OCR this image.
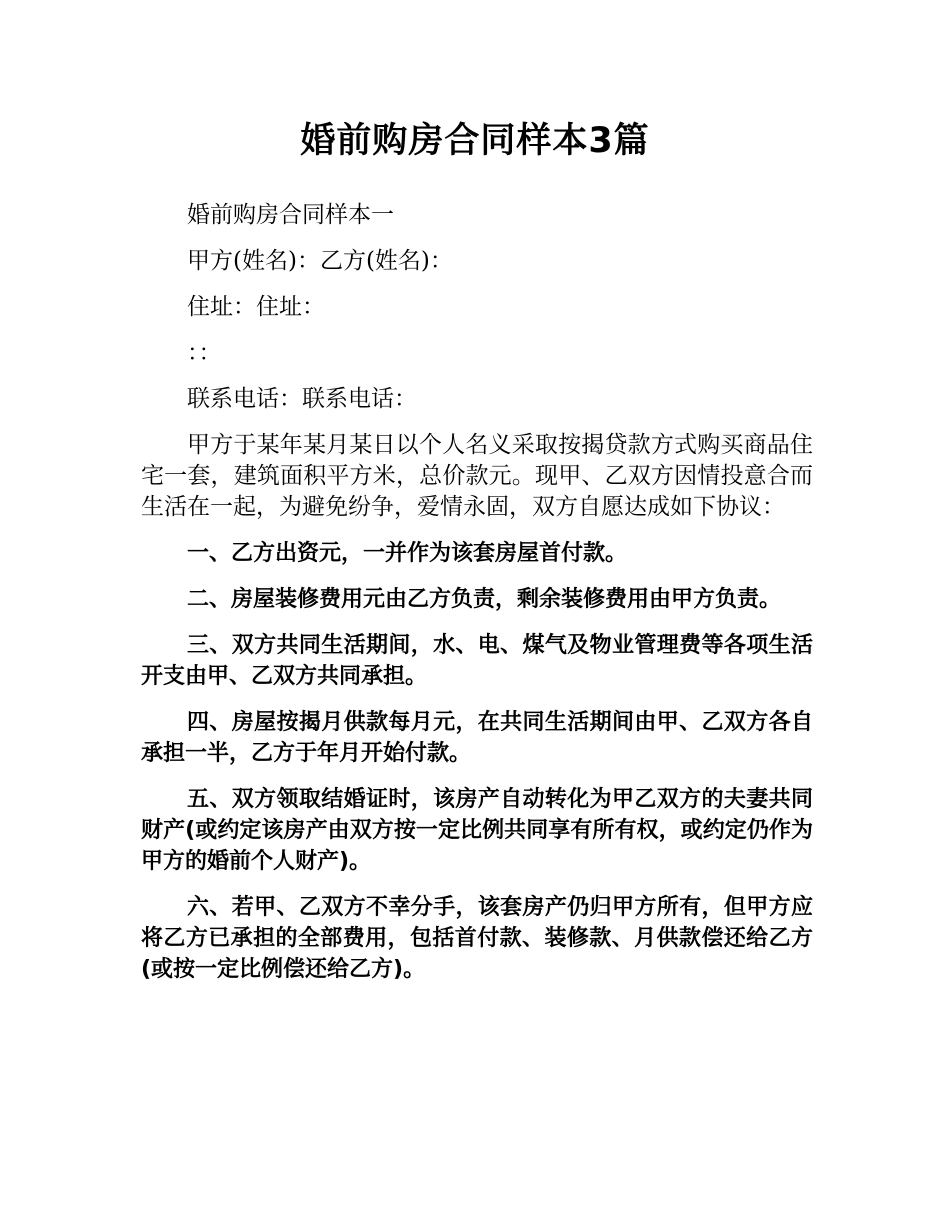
婚前购房合同样本3篇

婚前购房合同样本一

甲方(姓名)：乙方(姓名)：

住址：住址：

：：

联系电话：联系电话：

甲方于某年某月某日以个人名义采取按揭贷款方式购买商品住宅一套，建筑面积平方米，总价款元。现甲、乙双方因情投意合而生活在一起，为避免纷争，爱情永固，双方自愿达成如下协议：

一、乙方出资元，一并作为该套房屋首付款。

二、房屋装修费用元由乙方负责，剩余装修费用由甲方负责。

三、双方共同生活期间，水、电、煤气及物业管理费等各项生活开支由甲、乙双方共同承担。

四、房屋按揭月供款每月元，在共同生活期间由甲、乙双方各自承担一半，乙方于年月开始付款。

五、双方领取结婚证时，该房产自动转化为甲乙双方的夫妻共同财产(或约定该房产由双方按一定比例共同享有所有权，或约定仍作为甲方的婚前个人财产)。

六、若甲、乙双方不幸分手，该套房产仍归甲方所有，但甲方应将乙方已承担的全部费用，包括首付款、装修款、月供款偿还给乙方(或按一定比例偿还给乙方)。
